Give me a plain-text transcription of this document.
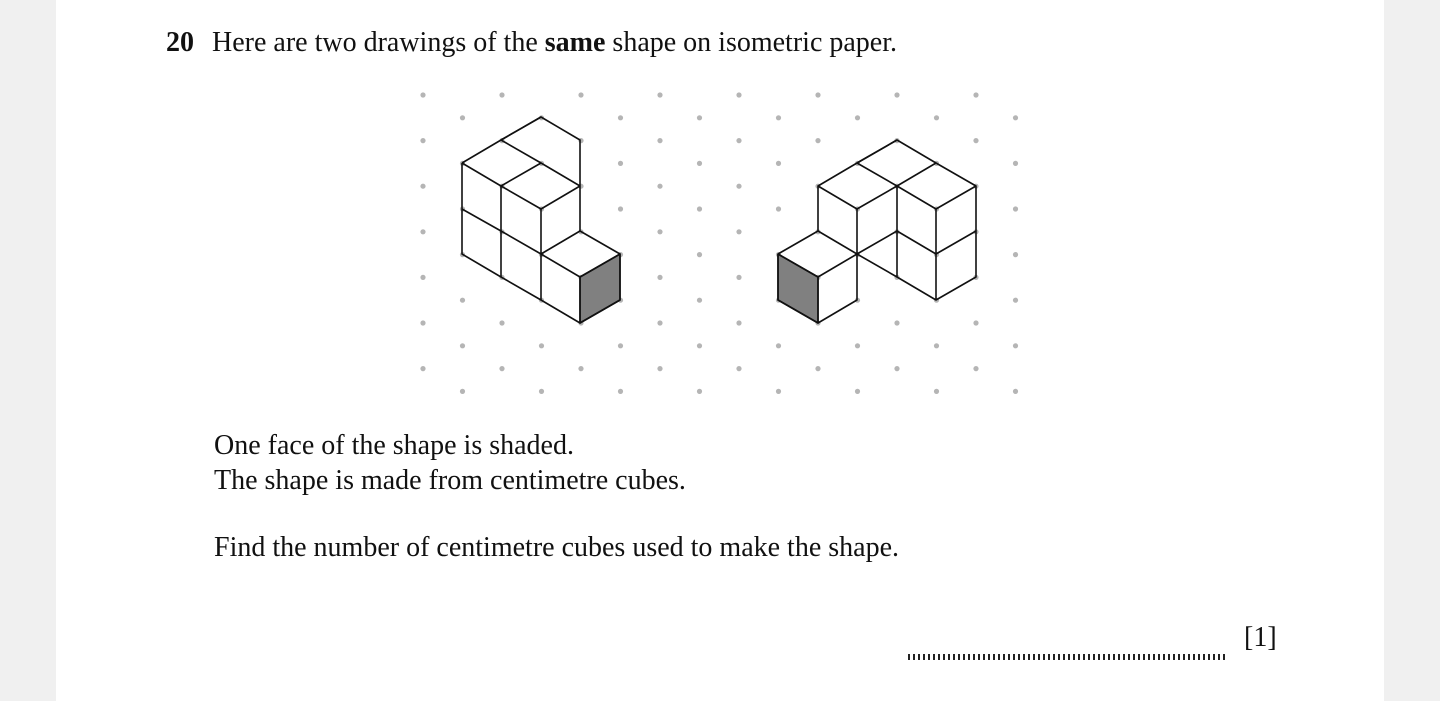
20 Here are two drawings of the same shape on isometric paper.
One face of the shape is shaded.
The shape is made from centimetre cubes.
Find the number of centimetre cubes used to make the shape.
[1]
